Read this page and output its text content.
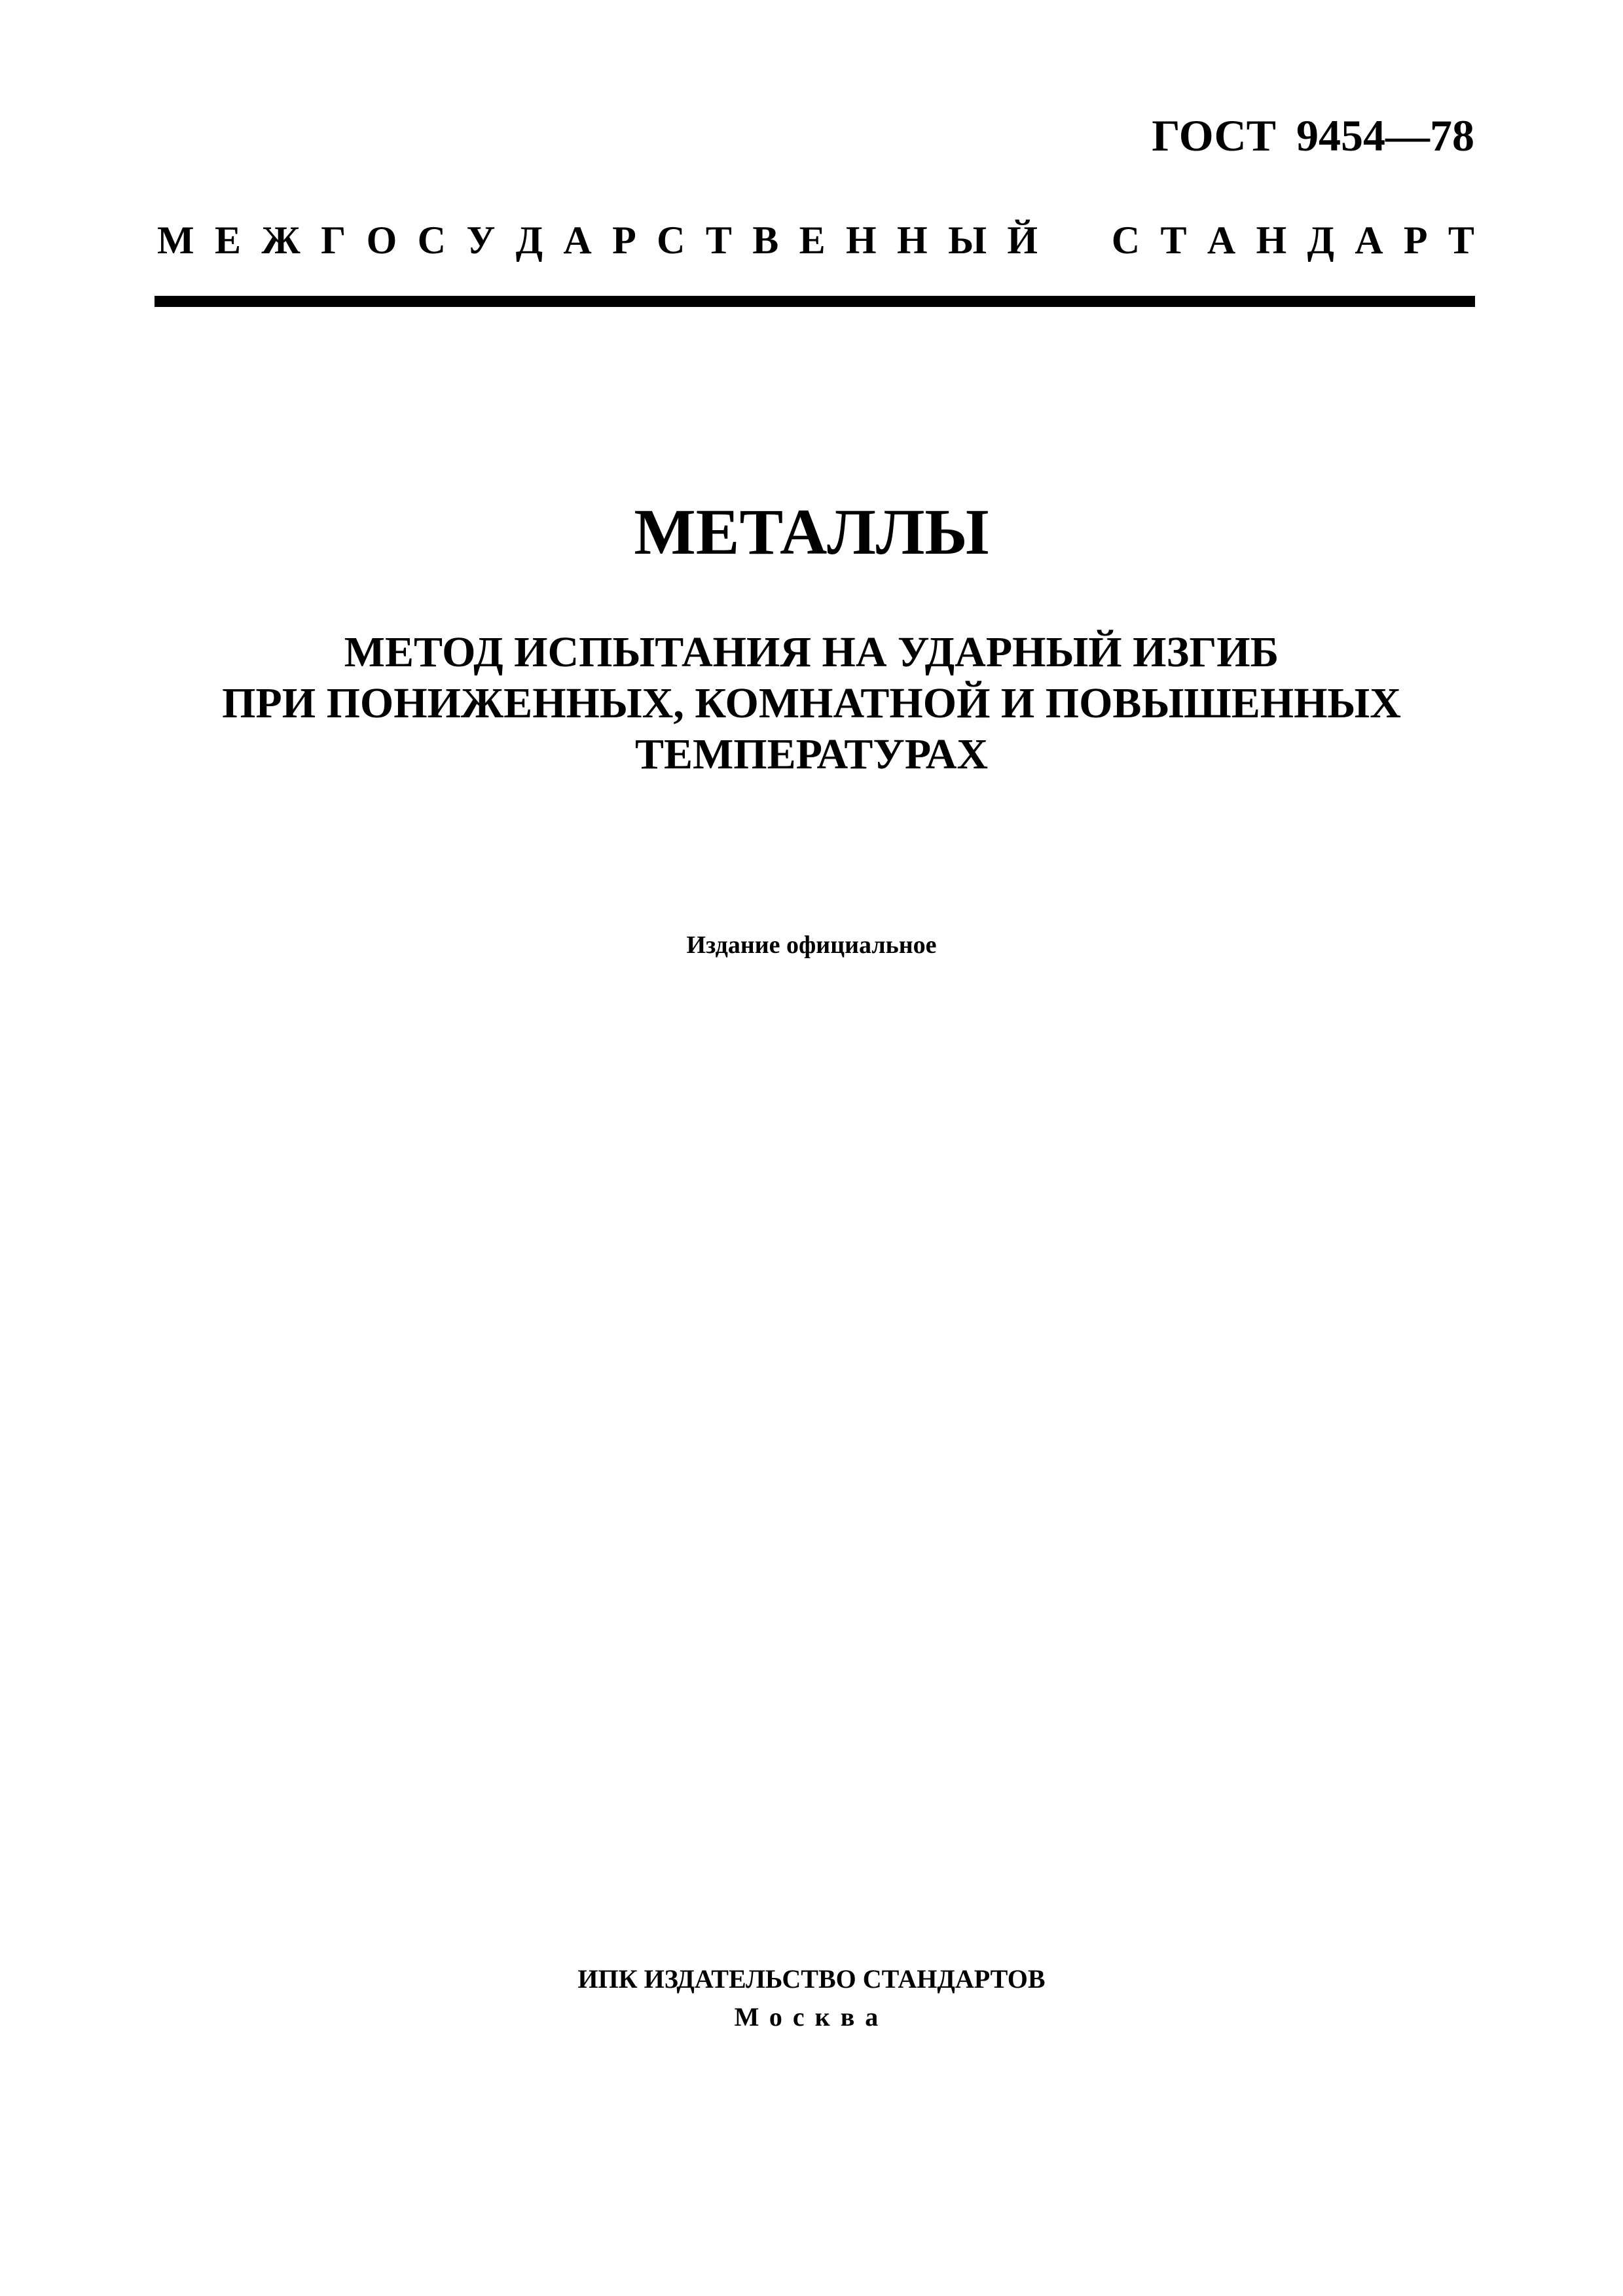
ГОСТ 9454—78
М Е Ж Г О С У Д А Р С Т В Е Н Н Ы Й С Т А Н Д А Р Т
МЕТАЛЛЫ
МЕТОД ИСПЫТАНИЯ НА УДАРНЫЙ ИЗГИБ
ПРИ ПОНИЖЕННЫХ, КОМНАТНОЙ И ПОВЫШЕННЫХ
ТЕМПЕРАТУРАХ
Издание официальное
ИПК ИЗДАТЕЛЬСТВО СТАНДАРТОВ
Москва
